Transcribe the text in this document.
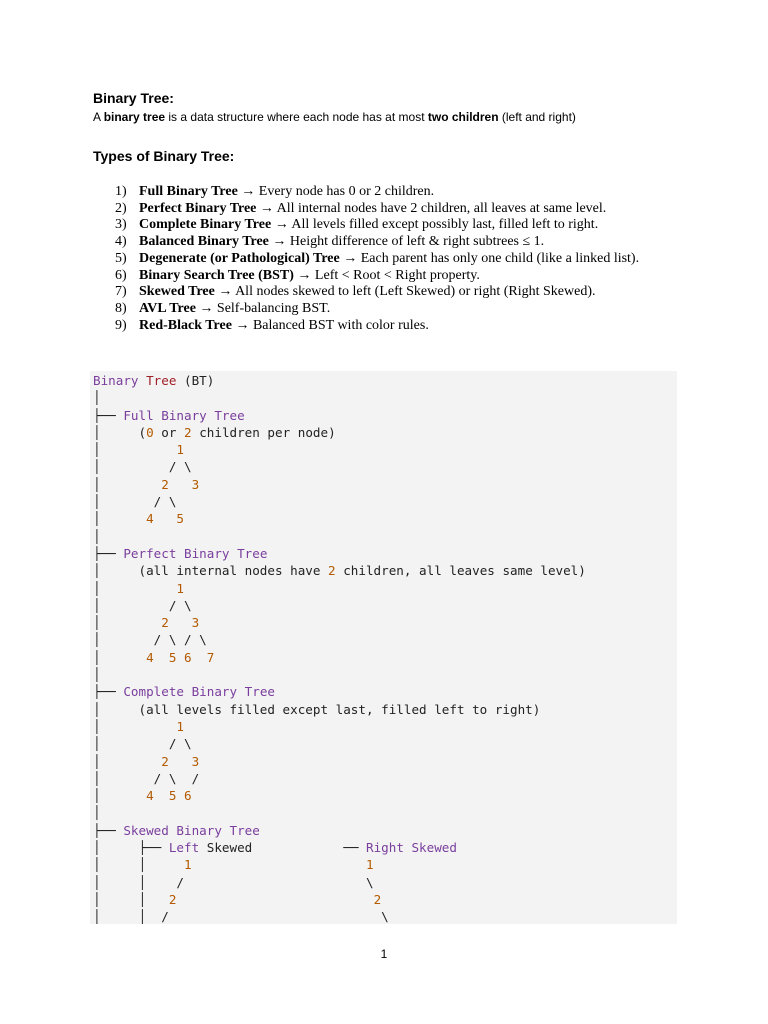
Binary Tree:
A binary tree is a data structure where each node has at most two children (left and right)
Types of Binary Tree:
1) Full Binary Tree → Every node has 0 or 2 children.
2) Perfect Binary Tree → All internal nodes have 2 children, all leaves at same level.
3) Complete Binary Tree → All levels filled except possibly last, filled left to right.
4) Balanced Binary Tree → Height difference of left & right subtrees ≤ 1.
5) Degenerate (or Pathological) Tree → Each parent has only one child (like a linked list).
6) Binary Search Tree (BST) → Left < Root < Right property.
7) Skewed Tree → All nodes skewed to left (Left Skewed) or right (Right Skewed).
8) AVL Tree → Self-balancing BST.
9) Red-Black Tree → Balanced BST with color rules.
Binary Tree (BT)
│
├── Full Binary Tree
│     (0 or 2 children per node)
│          1
│         / \
│        2 3
│       / \
│      4 5
│
├── Perfect Binary Tree
│     (all internal nodes have 2 children, all leaves same level)
│          1
│         / \
│        2 3
│       / \ / \
│      4 5 6 7
│
├── Complete Binary Tree
│     (all levels filled except last, filled left to right)
│          1
│         / \
│        2 3
│       / \  /
│      4 5 6
│
├── Skewed Binary Tree
│     ├── Left Skewed            ── Right Skewed
│     │     1	1
│     │    /                        \
│     │   2	2
│     │  /                            \

1
